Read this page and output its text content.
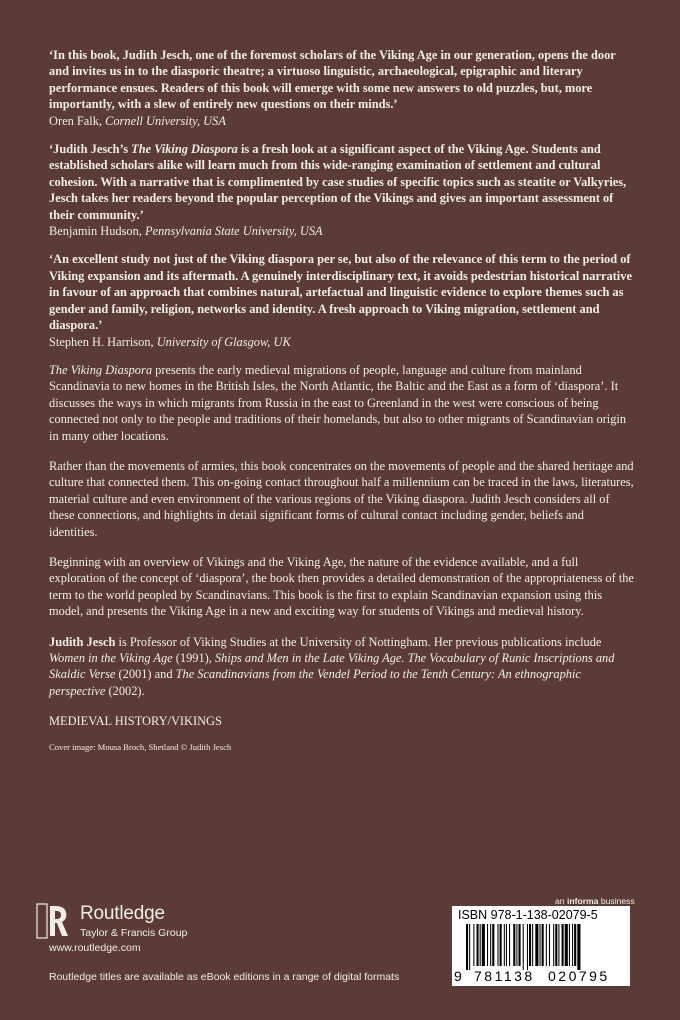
‘In this book, Judith Jesch, one of the foremost scholars of the Viking Age in our generation, opens the door and invites us in to the diasporic theatre; a virtuoso linguistic, archaeological, epigraphic and literary performance ensues. Readers of this book will emerge with some new answers to old puzzles, but, more importantly, with a slew of entirely new questions on their minds.’
Oren Falk, Cornell University, USA

‘Judith Jesch’s The Viking Diaspora is a fresh look at a significant aspect of the Viking Age. Students and established scholars alike will learn much from this wide-ranging examination of settlement and cultural cohesion. With a narrative that is complimented by case studies of specific topics such as steatite or Valkyries, Jesch takes her readers beyond the popular perception of the Vikings and gives an important assessment of their community.’
Benjamin Hudson, Pennsylvania State University, USA

‘An excellent study not just of the Viking diaspora per se, but also of the relevance of this term to the period of Viking expansion and its aftermath. A genuinely interdisciplinary text, it avoids pedestrian historical narrative in favour of an approach that combines natural, artefactual and linguistic evidence to explore themes such as gender and family, religion, networks and identity. A fresh approach to Viking migration, settlement and diaspora.’
Stephen H. Harrison, University of Glasgow, UK

The Viking Diaspora presents the early medieval migrations of people, language and culture from mainland Scandinavia to new homes in the British Isles, the North Atlantic, the Baltic and the East as a form of ‘diaspora’. It discusses the ways in which migrants from Russia in the east to Greenland in the west were conscious of being connected not only to the people and traditions of their homelands, but also to other migrants of Scandinavian origin in many other locations.

Rather than the movements of armies, this book concentrates on the movements of people and the shared heritage and culture that connected them. This on-going contact throughout half a millennium can be traced in the laws, literatures, material culture and even environment of the various regions of the Viking diaspora. Judith Jesch considers all of these connections, and highlights in detail significant forms of cultural contact including gender, beliefs and identities.

Beginning with an overview of Vikings and the Viking Age, the nature of the evidence available, and a full exploration of the concept of ‘diaspora’, the book then provides a detailed demonstration of the appropriateness of the term to the world peopled by Scandinavians. This book is the first to explain Scandinavian expansion using this model, and presents the Viking Age in a new and exciting way for students of Vikings and medieval history.

Judith Jesch is Professor of Viking Studies at the University of Nottingham. Her previous publications include Women in the Viking Age (1991), Ships and Men in the Late Viking Age. The Vocabulary of Runic Inscriptions and Skaldic Verse (2001) and The Scandinavians from the Vendel Period to the Tenth Century: An ethnographic perspective (2002).

MEDIEVAL HISTORY/VIKINGS

Cover image: Mousa Broch, Shetland © Judith Jesch

Routledge
Taylor & Francis Group
www.routledge.com
Routledge titles are available as eBook editions in a range of digital formats
an informa business
ISBN 978-1-138-02079-5
9 781138 020795
